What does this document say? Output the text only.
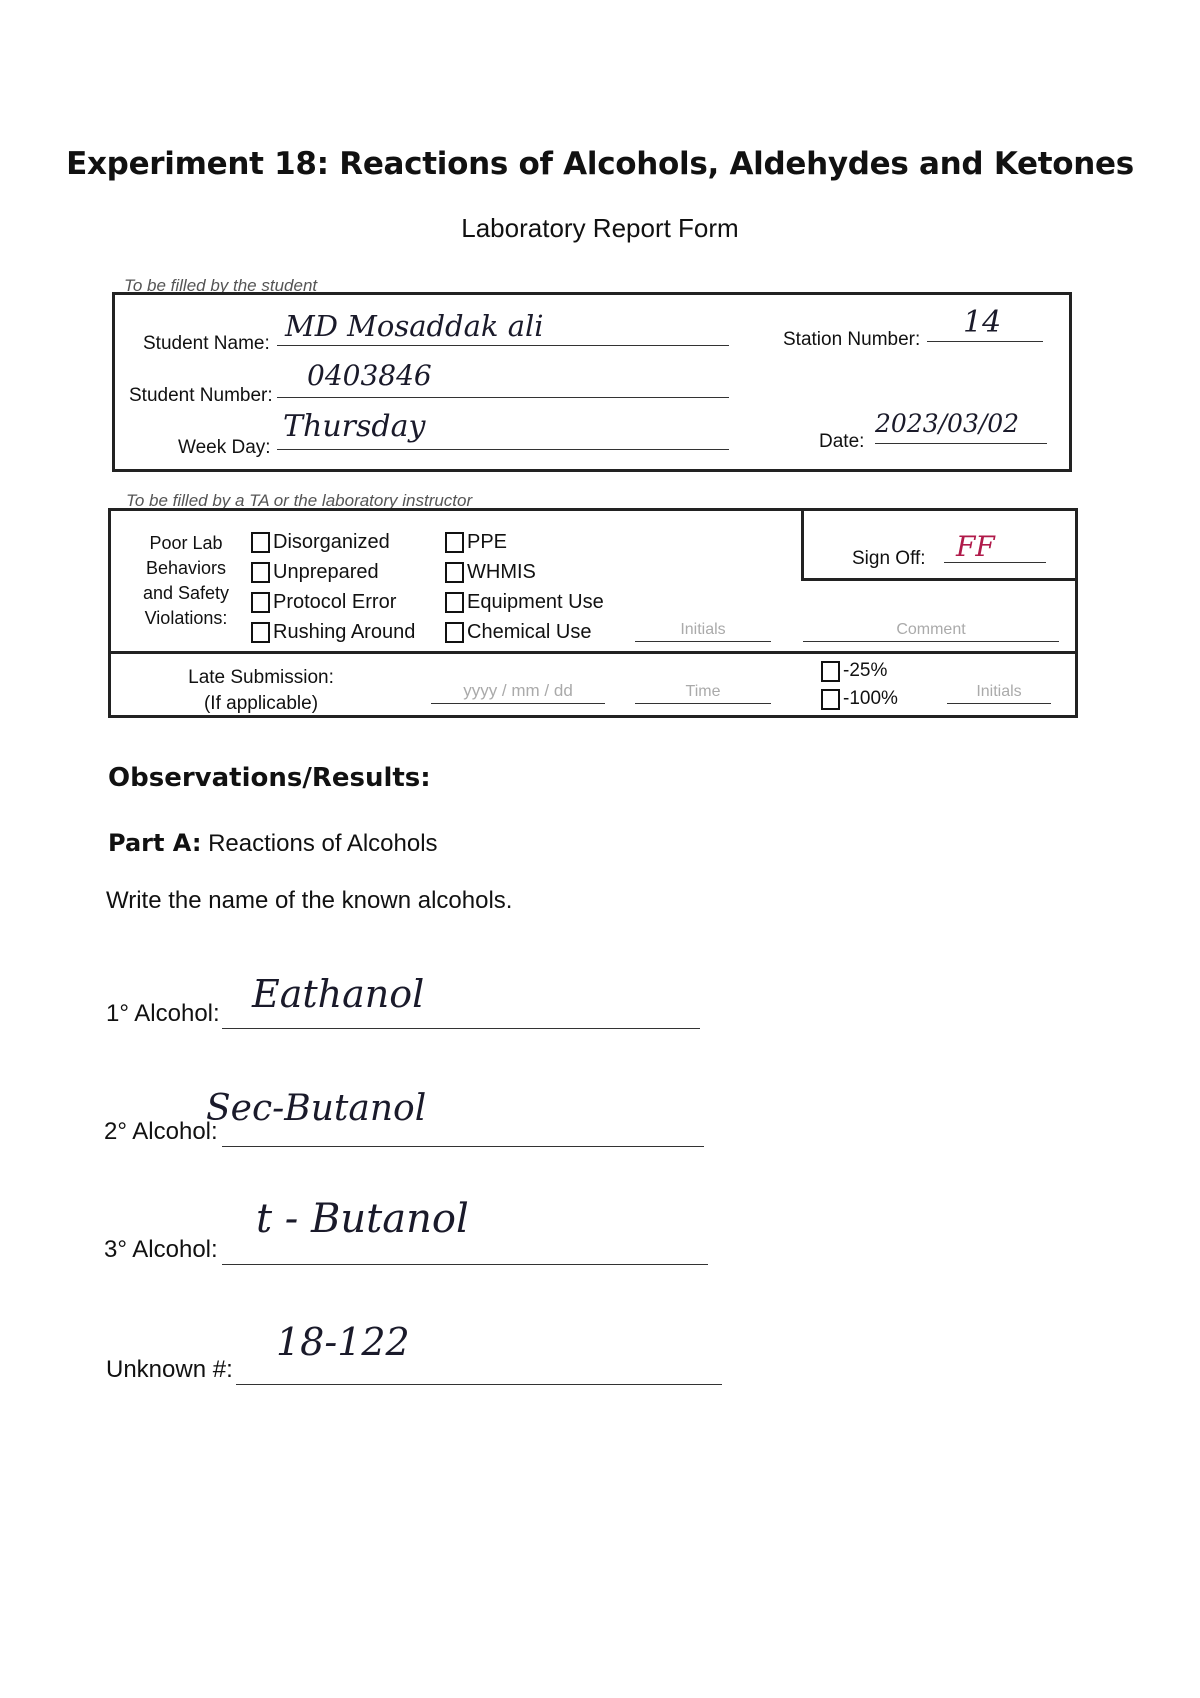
Experiment 18: Reactions of Alcohols, Aldehydes and Ketones
Laboratory Report Form
To be filled by the student
Student Name:
MD Mosaddak ali
Student Number:
0403846
Week Day:
Thursday
Station Number: 14
Date:
2023/03/02
To be filled by a TA or the laboratory instructor
Poor Lab
Behaviors
and Safety
Violations:
Disorganized
Unprepared
Protocol Error
Rushing Around
PPE
WHMIS
Equipment Use
Chemical Use	Initials
Sign Off: FF
Comment
Late Submission:
(If applicable)
yyyy / mm / dd	Time
-25%
-100%	Initials
Observations/Results:
Part A: Reactions of Alcohols
Write the name of the known alcohols.
1° Alcohol: Eathanol
2° Alcohol:
Sec-Butanol
3° Alcohol:
t - Butanol
Unknown #:
18-122
